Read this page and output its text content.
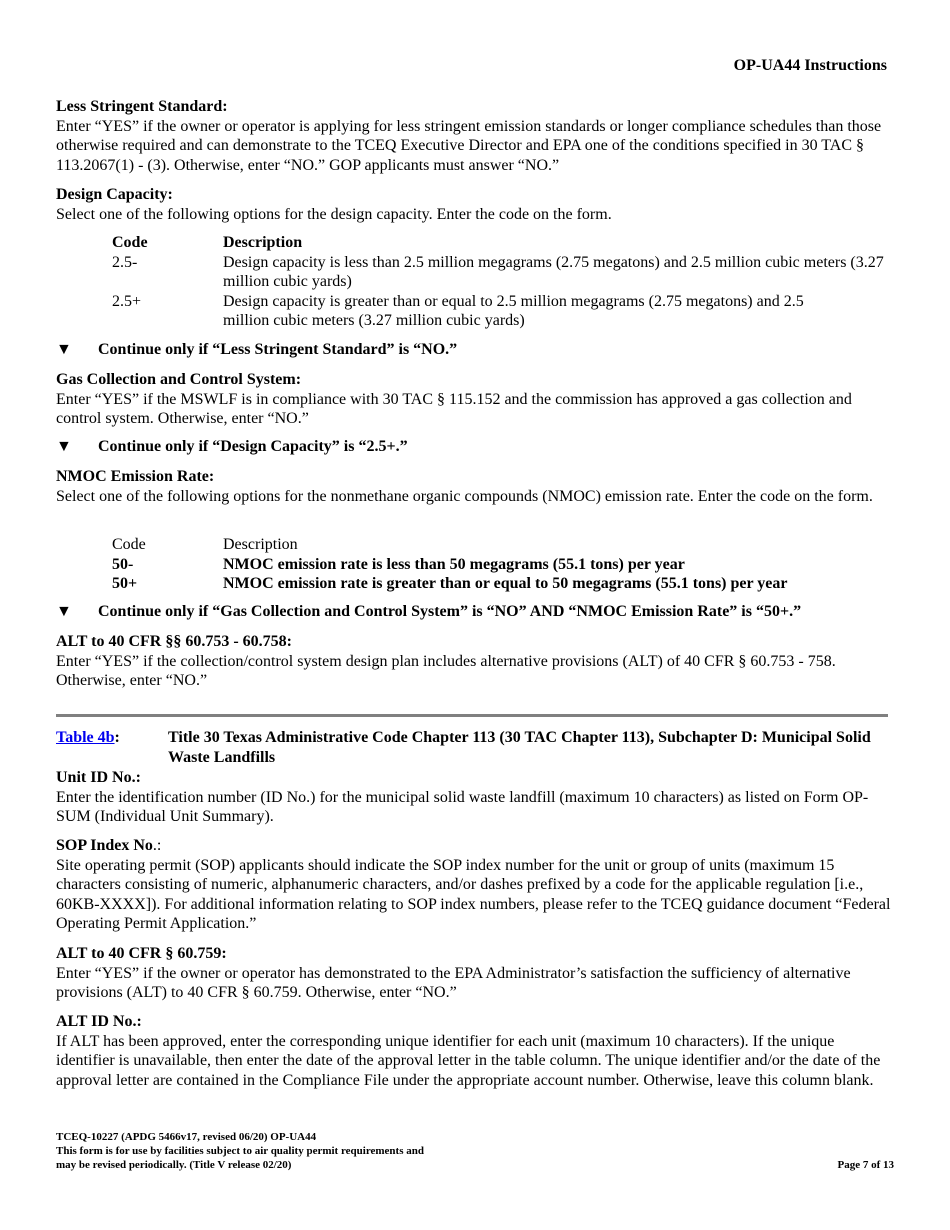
OP-UA44 Instructions

Less Stringent Standard:

Enter “YES” if the owner or operator is applying for less stringent emission standards or longer compliance schedules than those otherwise required and can demonstrate to the TCEQ Executive Director and EPA one of the conditions specified in 30 TAC § 113.2067(1) - (3). Otherwise, enter “NO.” GOP applicants must answer “NO.”

Design Capacity:

Select one of the following options for the design capacity. Enter the code on the form.

Code	Description
2.5-	Design capacity is less than 2.5 million megagrams (2.75 megatons) and 2.5 million cubic meters (3.27 million cubic yards)
2.5+	Design capacity is greater than or equal to 2.5 million megagrams (2.75 megatons) and 2.5 million cubic meters (3.27 million cubic yards)
▼	Continue only if “Less Stringent Standard” is “NO.”

Gas Collection and Control System:

Enter “YES” if the MSWLF is in compliance with 30 TAC § 115.152 and the commission has approved a gas collection and control system. Otherwise, enter “NO.”

▼	Continue only if “Design Capacity” is “2.5+.”

NMOC Emission Rate:

Select one of the following options for the nonmethane organic compounds (NMOC) emission rate. Enter the code on the form.

Code	Description
50-	NMOC emission rate is less than 50 megagrams (55.1 tons) per year
50+	NMOC emission rate is greater than or equal to 50 megagrams (55.1 tons) per year
▼	Continue only if “Gas Collection and Control System” is “NO” AND “NMOC Emission Rate” is “50+.”

ALT to 40 CFR §§ 60.753 - 60.758:

Enter “YES” if the collection/control system design plan includes alternative provisions (ALT) of 40 CFR § 60.753 - 758. Otherwise, enter “NO.”

Table 4b:	Title 30 Texas Administrative Code Chapter 113 (30 TAC Chapter 113), Subchapter D: Municipal Solid Waste Landfills

Unit ID No.:

Enter the identification number (ID No.) for the municipal solid waste landfill (maximum 10 characters) as listed on Form OP-SUM (Individual Unit Summary).

SOP Index No.:

Site operating permit (SOP) applicants should indicate the SOP index number for the unit or group of units (maximum 15 characters consisting of numeric, alphanumeric characters, and/or dashes prefixed by a code for the applicable regulation [i.e., 60KB-XXXX]). For additional information relating to SOP index numbers, please refer to the TCEQ guidance document “Federal Operating Permit Application.”

ALT to 40 CFR § 60.759:

Enter “YES” if the owner or operator has demonstrated to the EPA Administrator’s satisfaction the sufficiency of alternative provisions (ALT) to 40 CFR § 60.759. Otherwise, enter “NO.”

ALT ID No.:

If ALT has been approved, enter the corresponding unique identifier for each unit (maximum 10 characters). If the unique identifier is unavailable, then enter the date of the approval letter in the table column. The unique identifier and/or the date of the approval letter are contained in the Compliance File under the appropriate account number. Otherwise, leave this column blank.

TCEQ-10227 (APDG 5466v17, revised 06/20) OP-UA44
This form is for use by facilities subject to air quality permit requirements and
may be revised periodically. (Title V release 02/20)	Page 7 of 13
